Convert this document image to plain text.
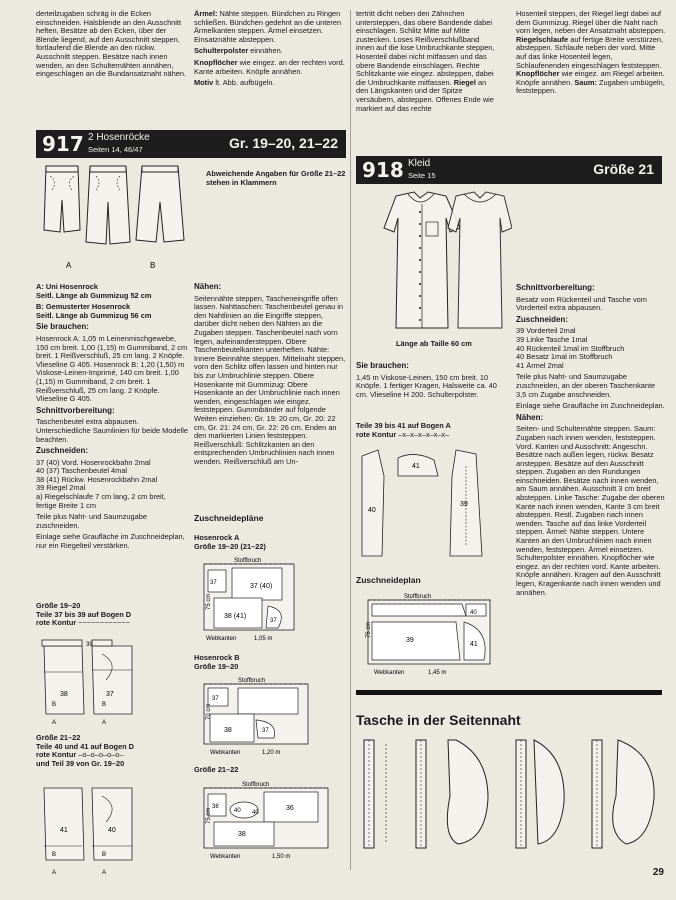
derteilzugaben schräg in die Ecken einschneiden. Halsblende an den Ausschnitt heften, Besätze ab den Ecken, über der Blende liegend, auf den Ausschnitt steppen, fortlaufend die Blende an den rückw. Ausschnitt steppen. Besätze nach innen wenden, an den Schulternähten annähen, eingeschlagen an die Bundansatznaht nähen.

Ärmel: Nähte steppen. Bündchen zu Ringen schließen. Bündchen gedehnt an die unteren Ärmelkanten steppen. Ärmel einsetzen. Einsatznähte absteppen.

Schulterpolster einnähen.

Knopflöcher wie eingez. an der rechten vord. Kante arbeiten. Knöpfe annähen.

Motiv lt. Abb. aufbügeln.

tertritt dicht neben den Zähnchen untersteppen, das obere Bandende dabei einschlagen. Schlitz Mitte auf Mitte zustecken. Loses Reißverschlußband innen auf die lose Umbruchkante steppen, Hosenteil dabei nicht mitfassen und das obere Bandende einschlagen. Rechte Schlitzkante wie eingez. absteppen, dabei die Umbruchkante mitfassen. Riegel an den Längskanten und der Spitze versäubern, absteppen. Offenes Ende wie markiert auf das rechte

Hosenteil steppen, der Riegel liegt dabei auf dem Gummizug. Riegel über die Naht nach vorn legen, neben der Ansatznaht absteppen. Riegelschlaufe auf fertige Breite verstürzen, absteppen. Schlaufe neben der vord. Mitte auf das linke Hosenteil legen, Schlaufenenden eingeschlagen feststeppen. Knopflöcher wie eingez. am Riegel arbeiten. Knöpfe annähen. Saum: Zugaben umbügeln, feststeppen.

917 2 Hosenröcke
Seiten 14, 46/47	Gr. 19–20, 21–22
A	B
Abweichende Angaben für Größe 21–22 stehen in Klammern

A: Uni Hosenrock
Seitl. Länge ab Gummizug 52 cm

B: Gemusterter Hosenrock
Seitl. Länge ab Gummizug 56 cm

Sie brauchen:

Hosenrock A: 1,05 m Leinenmischgewebe, 150 cm breit. 1,00 (1,15) m Gummiband, 2 cm breit. 1 Reißverschluß, 25 cm lang. 2 Knöpfe. Vlieseline G 405. Hosenrock B: 1,20 (1,50) m Viskose-Leinen-Imprimé, 140 cm breit. 1,00 (1,15) m Gummiband, 2 cm breit. 1 Reißverschluß, 25 cm lang. 2 Knöpfe. Vlieseline G 405.

Schnittvorbereitung:

Taschenbeutel extra abpausen. Unterschiedliche Saumlinien für beide Modelle beachten.

Zuschneiden:

37 (40) Vord. Hosenrockbahn 2mal
40 (37) Taschenbeutel 4mal
38 (41) Rückw. Hosenrockbahn 2mal
39 Riegel 2mal
a) Riegelschlaufe 7 cm lang, 2 cm breit, fertige Breite 1 cm

Teile plus Naht- und Saumzugabe zuschneiden.

Einlage siehe Graufläche im Zuschneideplan, nur ein Riegelteil verstärken.

Größe 19–20
Teile 37 bis 39 auf Bogen D
rote Kontur ~~~~~~~~~~~~
38	37
39
A
B
A
B
Größe 21–22
Teile 40 und 41 auf Bogen D
rote Kontur –o–o–o–o–o–
und Teil 39 von Gr. 19–20
41	40
A	A
B	B

Nähen:

Seitennähte steppen, Tascheneingriffe offen lassen. Nahttaschen: Taschenbeutel genau in den Nahtlinien an die Eingriffe steppen, darüber dicht neben den Nähten an die Zugaben steppen. Taschenbeutel nach vorn legen, aufeinandersteppen. Obere Taschenbeutelkanten unterheften. Nähte: Innere Beinnähte steppen. Mittelnaht steppen, vorn den Schlitz offen lassen und hinten nur bis zur Umbruchlinie steppen. Obere Hosenkante mit Gummizug: Obere Hosenkante an der Umbruchlinie nach innen wenden, eingeschlagen wie eingez. feststeppen. Gummibänder auf folgende Weiten einziehen: Gr. 19: 20 cm, Gr. 20: 22 cm, Gr. 21: 24 cm, Gr. 22: 26 cm. Enden an den markierten Linien feststeppen. Reißverschluß: Schlitzkanten an den entsprechenden Umbruchlinien nach innen wenden. Reißverschluß am Un-

Zuschneidepläne
Hosenrock A
Größe 19–20 (21–22)
Stoffbruch
37	37 (40)
38 (41)
37
75 cm
Webkanten	1,05 m
Hosenrock B
Größe 19–20
Stoffbruch
37
38	37
70 cm
Webkanten	1,20 m
Größe 21–22
Stoffbruch
40 40
38	36
38
75 cm
Webkanten	1,50 m
918 Kleid
Seite 15	Größe 21
Länge ab Taille 60 cm

Sie brauchen:

1,45 m Viskose-Leinen, 150 cm breit. 10 Knöpfe. 1 fertiger Kragen, Halsweite ca. 40 cm. Vlieseline H 200. Schulterpolster.

Teile 39 bis 41 auf Bogen A
rote Kontur –x–x–x–x–x–x–
40
41
39
Zuschneideplan
Stoffbruch
39
41
40
75 cm
Webkanten	1,45 m

Schnittvorbereitung:

Besatz vom Rückenteil und Tasche vom Vorderteil extra abpausen.

Zuschneiden:

39 Vorderteil 2mal
39 Linke Tasche 1mal
40 Rückenteil 1mal im Stoffbruch
40 Besatz 1mal im Stoffbruch
41 Ärmel 2mal

Teile plus Naht- und Saumzugabe zuschneiden, an der oberen Taschenkante 3,5 cm Zugabe anschneiden.

Einlage siehe Graufläche im Zuschneideplan.

Nähen:

Seiten- und Schulternähte steppen. Saum: Zugaben nach innen wenden, feststeppen. Vord. Kanten und Ausschnitt: Angeschn. Besätze nach außen legen, rückw. Besatz ansteppen. Besätze auf den Ausschnitt steppen. Zugaben an den Rundungen einschneiden. Besätze nach innen wenden, am Saum annähen. Ausschnitt 3 cm breit absteppen. Linke Tasche: Zugabe der oberen Kante nach innen wenden, Kante 3 cm breit absteppen. Restl. Zugaben nach innen wenden. Tasche auf das linke Vorderteil steppen. Ärmel: Nähte steppen. Untere Kanten an den Umbruchlinien nach innen wenden, feststeppen. Ärmel einsetzen. Schulterpolster einnähen. Knopflöcher wie eingez. an der rechten vord. Kante arbeiten. Knöpfe annähen. Kragen auf den Ausschnitt legen, Kragenkante nach innen wenden und annähen.

Tasche in der Seitennaht
29
